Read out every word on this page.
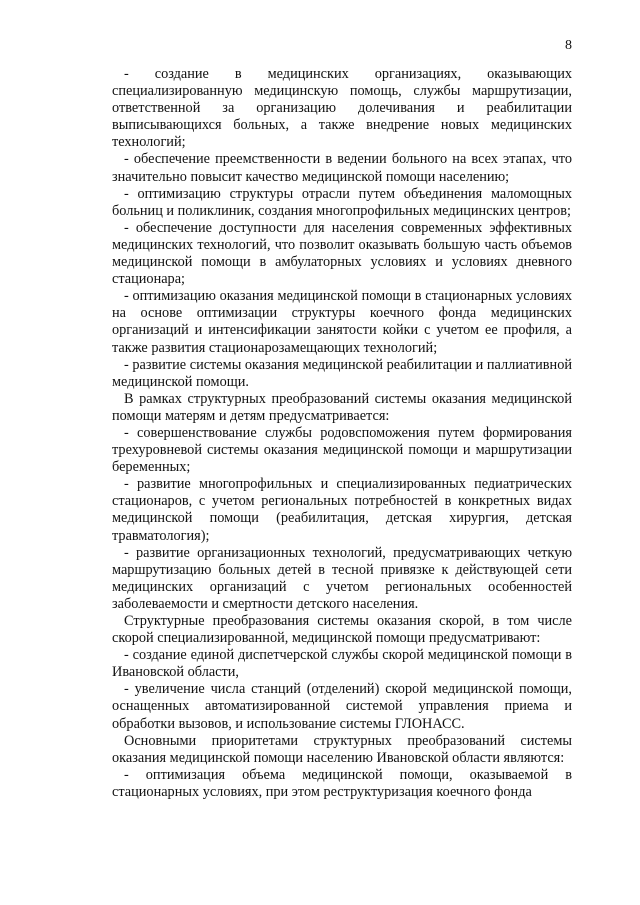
8

- создание в медицинских организациях, оказывающих специализированную медицинскую помощь, службы маршрутизации, ответственной за организацию долечивания и реабилитации выписывающихся больных, а также внедрение новых медицинских технологий;

- обеспечение преемственности в ведении больного на всех этапах, что значительно повысит качество медицинской помощи населению;

- оптимизацию структуры отрасли путем объединения маломощных больниц и поликлиник, создания многопрофильных медицинских центров;

- обеспечение доступности для населения современных эффективных медицинских технологий, что позволит оказывать большую часть объемов медицинской помощи в амбулаторных условиях и условиях дневного стационара;

- оптимизацию оказания медицинской помощи в стационарных условиях на основе оптимизации структуры коечного фонда медицинских организаций и интенсификации занятости койки с учетом ее профиля, а также развития стационарозамещающих технологий;

- развитие системы оказания медицинской реабилитации и паллиативной медицинской помощи.

В рамках структурных преобразований системы оказания медицинской помощи матерям и детям предусматривается:

- совершенствование службы родовспоможения путем формирования трехуровневой системы оказания медицинской помощи и маршрутизации беременных;

- развитие многопрофильных и специализированных педиатрических стационаров, с учетом региональных потребностей в конкретных видах медицинской помощи (реабилитация, детская хирургия, детская травматология);

- развитие организационных технологий, предусматривающих четкую маршрутизацию больных детей в тесной привязке к действующей сети медицинских организаций с учетом региональных особенностей заболеваемости и смертности детского населения.

Структурные преобразования системы оказания скорой, в том числе скорой специализированной, медицинской помощи предусматривают:

- создание единой диспетчерской службы скорой медицинской помощи в Ивановской области,

- увеличение числа станций (отделений) скорой медицинской помощи, оснащенных автоматизированной системой управления приема и обработки вызовов, и использование системы ГЛОНАСС.

Основными приоритетами структурных преобразований системы оказания медицинской помощи населению Ивановской области являются:

- оптимизация объема медицинской помощи, оказываемой в стационарных условиях, при этом реструктуризация коечного фонда
